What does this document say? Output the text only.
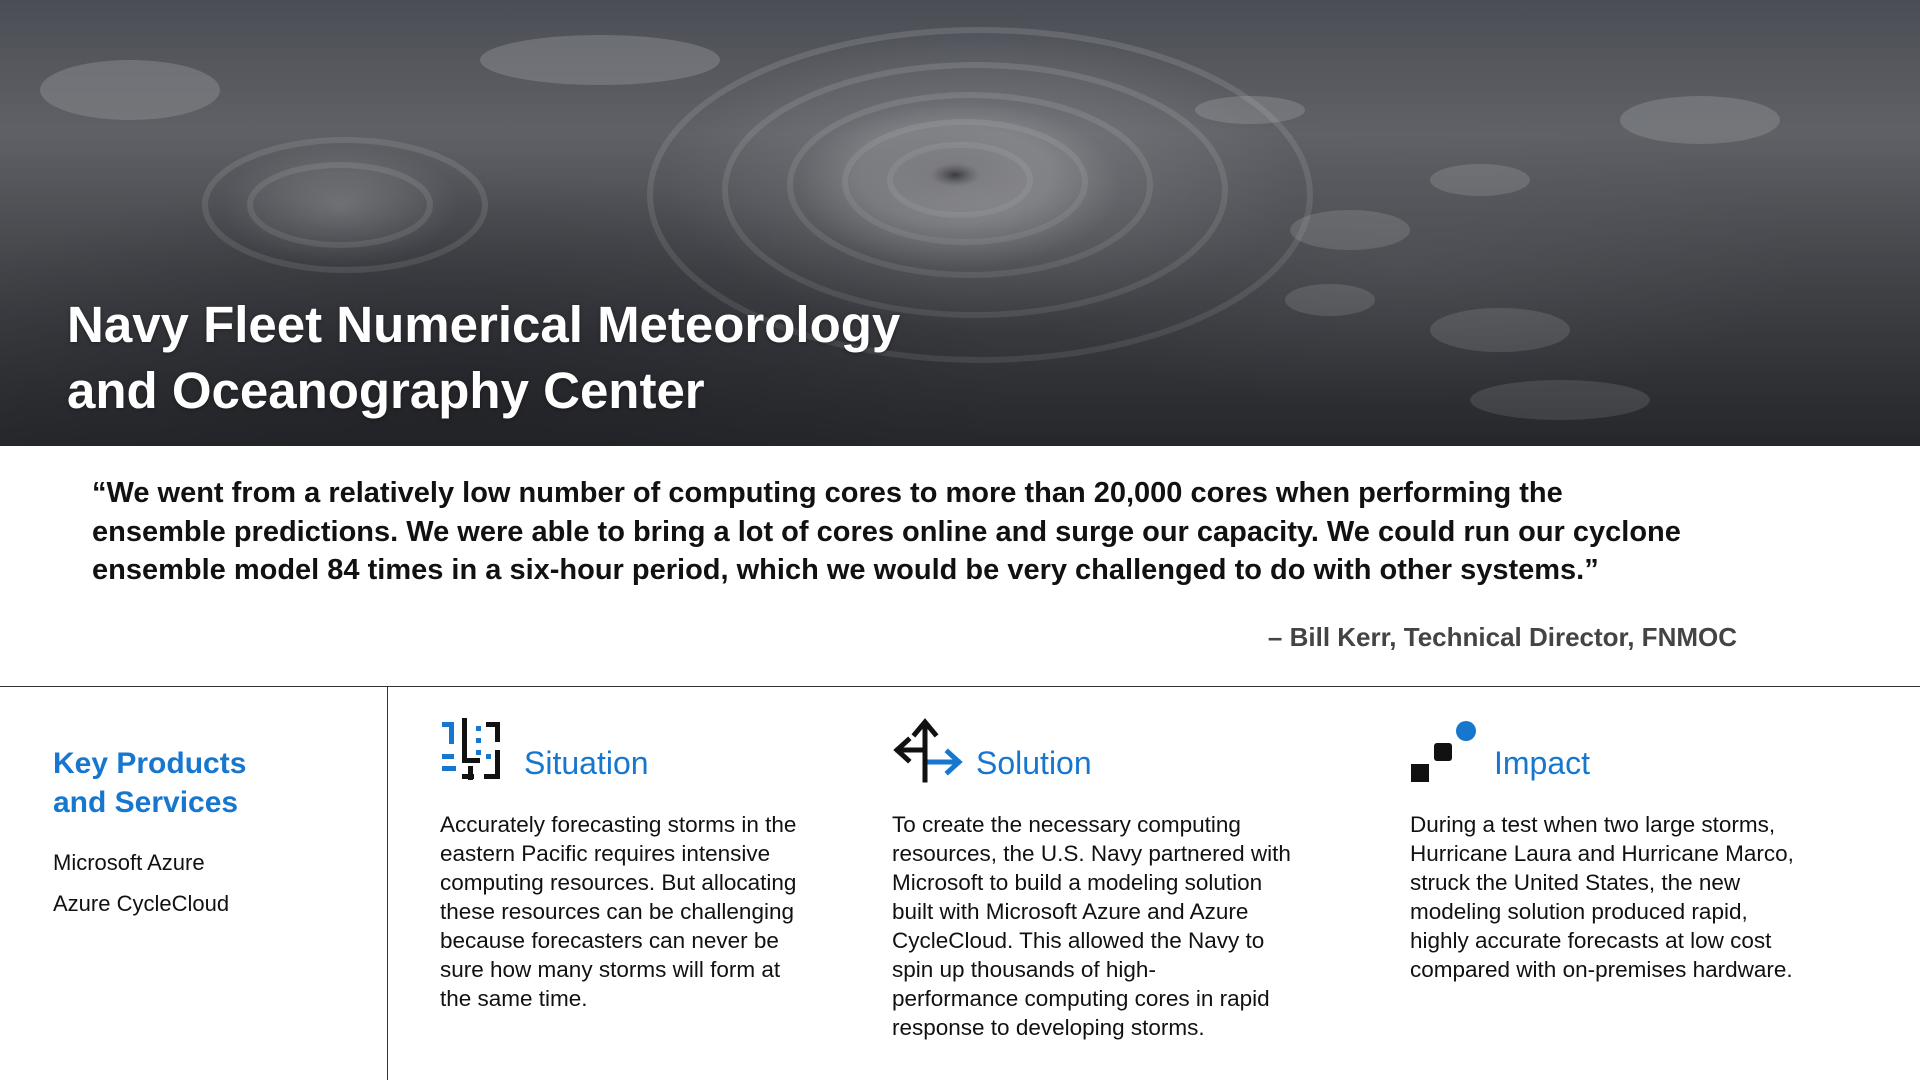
Navy Fleet Numerical Meteorology
and Oceanography Center

“We went from a relatively low number of computing cores to more than 20,000 cores when performing the
ensemble predictions. We were able to bring a lot of cores online and surge our capacity. We could run our cyclone
ensemble model 84 times in a six-hour period, which we would be very challenged to do with other systems.”

– Bill Kerr, Technical Director, FNMOC

Key Products
and Services
Microsoft Azure
Azure CycleCloud
Situation

Accurately forecasting storms in the
eastern Pacific requires intensive
computing resources. But allocating
these resources can be challenging
because forecasters can never be
sure how many storms will form at
the same time.

Solution

To create the necessary computing
resources, the U.S. Navy partnered with
Microsoft to build a modeling solution
built with Microsoft Azure and Azure
CycleCloud. This allowed the Navy to
spin up thousands of high-
performance computing cores in rapid
response to developing storms.

Impact

During a test when two large storms,
Hurricane Laura and Hurricane Marco,
struck the United States, the new
modeling solution produced rapid,
highly accurate forecasts at low cost
compared with on-premises hardware.
